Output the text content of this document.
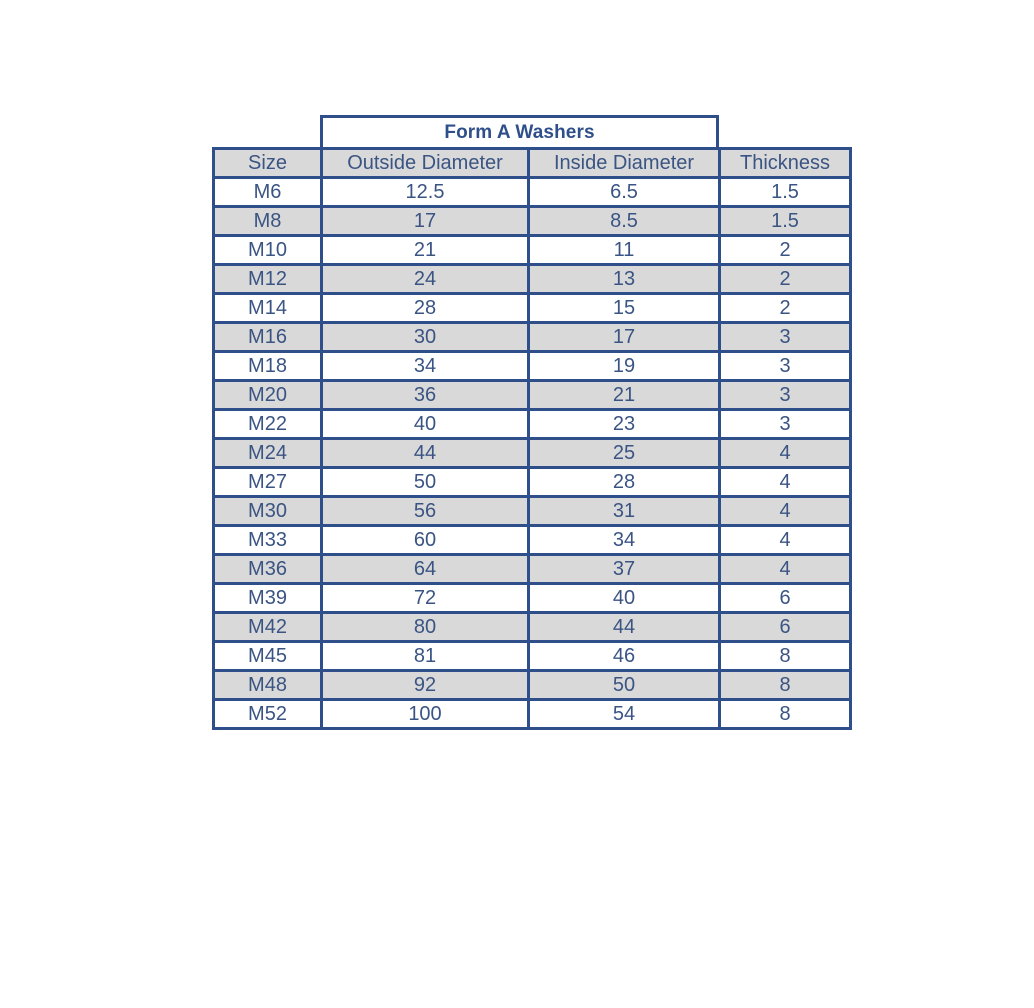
Form A Washers
Size	Outside Diameter	Inside Diameter	Thickness
M6	12.5	6.5	1.5
M8	17	8.5	1.5
M10	21	11	2
M12	24	13	2
M14	28	15	2
M16	30	17	3
M18	34	19	3
M20	36	21	3
M22	40	23	3
M24	44	25	4
M27	50	28	4
M30	56	31	4
M33	60	34	4
M36	64	37	4
M39	72	40	6
M42	80	44	6
M45	81	46	8
M48	92	50	8
M52	100	54	8
